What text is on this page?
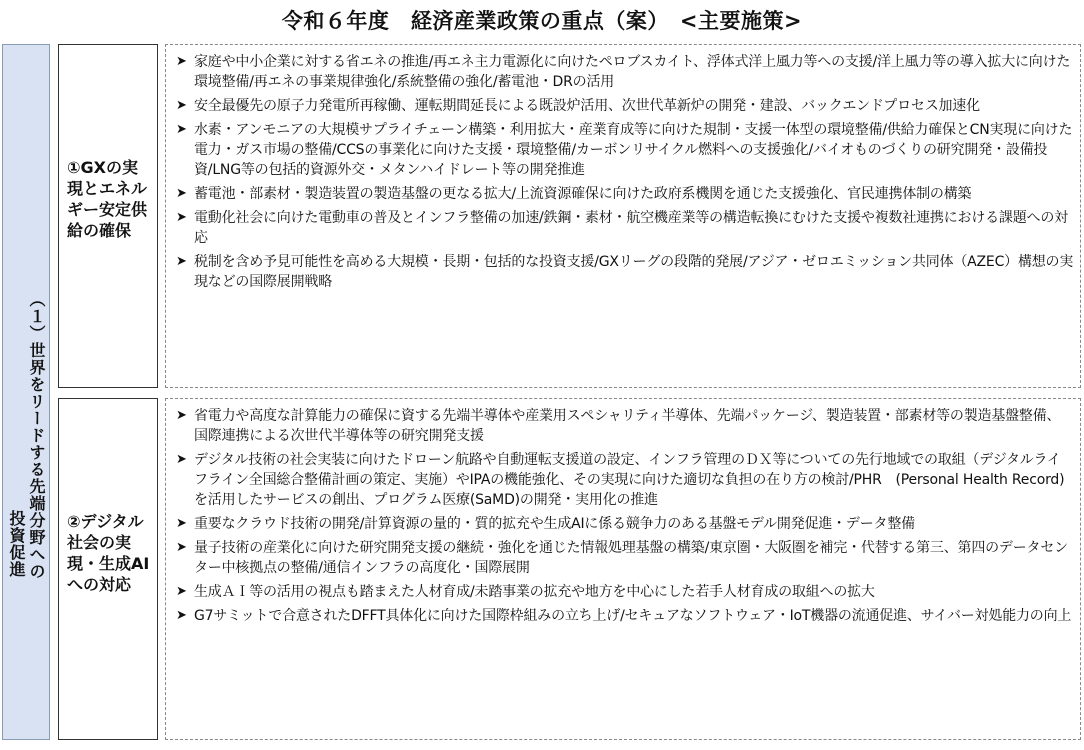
令和６年度　経済産業政策の重点（案）　<主要施策>
（１）世界をリードする先端分野への
投資促進
①GXの実現とエネルギー安定供給の確保
②デジタル社会の実現・生成AIへの対応
➤ 家庭や中小企業に対する省エネの推進/再エネ主力電源化に向けたペロブスカイト、浮体式洋上風力等への支援/洋上風力等の導入拡大に向けた環境整備/再エネの事業規律強化/系統整備の強化/蓄電池・DRの活用
➤ 安全最優先の原子力発電所再稼働、運転期間延長による既設炉活用、次世代革新炉の開発・建設、バックエンドプロセス加速化
➤ 水素・アンモニアの大規模サプライチェーン構築・利用拡大・産業育成等に向けた規制・支援一体型の環境整備/供給力確保とCN実現に向けた電力・ガス市場の整備/CCSの事業化に向けた支援・環境整備/カーボンリサイクル燃料への支援強化/バイオものづくりの研究開発・設備投資/LNG等の包括的資源外交・メタンハイドレート等の開発推進
➤ 蓄電池・部素材・製造装置の製造基盤の更なる拡大/上流資源確保に向けた政府系機関を通じた支援強化、官民連携体制の構築
➤ 電動化社会に向けた電動車の普及とインフラ整備の加速/鉄鋼・素材・航空機産業等の構造転換にむけた支援や複数社連携における課題への対応
➤ 税制を含め予見可能性を高める大規模・長期・包括的な投資支援/GXリーグの段階的発展/アジア・ゼロエミッション共同体（AZEC）構想の実現などの国際展開戦略
➤ 省電力や高度な計算能力の確保に資する先端半導体や産業用スペシャリティ半導体、先端パッケージ、製造装置・部素材等の製造基盤整備、国際連携による次世代半導体等の研究開発支援
➤ デジタル技術の社会実装に向けたドローン航路や自動運転支援道の設定、インフラ管理のＤＸ等についての先行地域での取組（デジタルライフライン全国総合整備計画の策定、実施）やIPAの機能強化、その実現に向けた適切な負担の在り方の検討/PHR　(Personal Health Record) を活用したサービスの創出、プログラム医療(SaMD)の開発・実用化の推進
➤ 重要なクラウド技術の開発/計算資源の量的・質的拡充や生成AIに係る競争力のある基盤モデル開発促進・データ整備
➤ 量子技術の産業化に向けた研究開発支援の継続・強化を通じた情報処理基盤の構築/東京圏・大阪圏を補完・代替する第三、第四のデータセンター中核拠点の整備/通信インフラの高度化・国際展開
➤ 生成ＡＩ等の活用の視点も踏まえた人材育成/未踏事業の拡充や地方を中心にした若手人材育成の取組への拡大
➤ G7サミットで合意されたDFFT具体化に向けた国際枠組みの立ち上げ/セキュアなソフトウェア・IoT機器の流通促進、サイバー対処能力の向上
